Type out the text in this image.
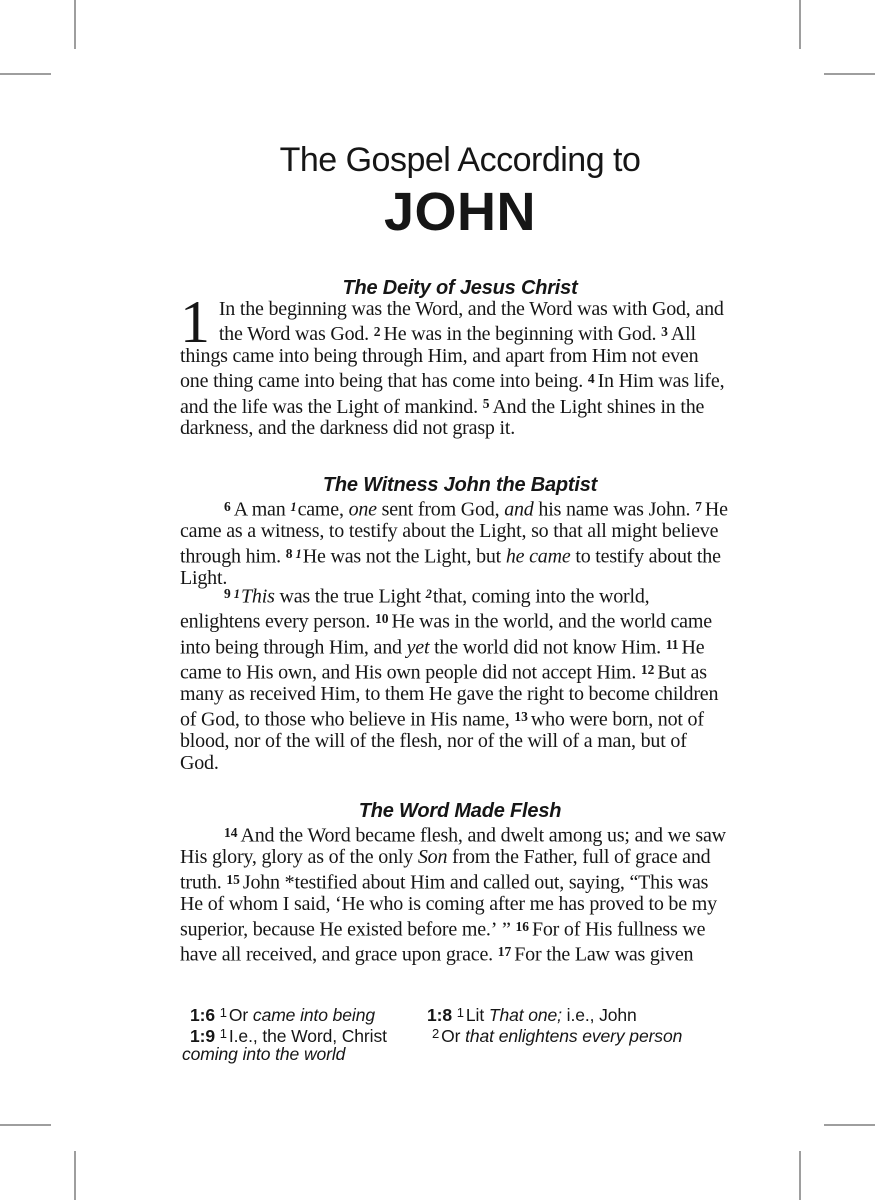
The Gospel According to
JOHN
The Deity of Jesus Christ
1 In the beginning was the Word, and the Word was with God, and the Word was God. $^2$ He was in the beginning with God. $^3$ All things came into being through Him, and apart from Him not even one thing came into being that has come into being. $^4$ In Him was life, and the life was the Light of mankind. $^5$ And the Light shines in the darkness, and the darkness did not grasp it.
The Witness John the Baptist
$^6$ A man $^1$came, one sent from God, and his name was John. $^7$ He came as a witness, to testify about the Light, so that all might believe through him. $^8$ $^1$He was not the Light, but he came to testify about the Light.
$^9$ $^1$This was the true Light $^2$that, coming into the world, enlightens every person. $^{10}$ He was in the world, and the world came into being through Him, and yet the world did not know Him. $^{11}$ He came to His own, and His own people did not accept Him. $^{12}$ But as many as received Him, to them He gave the right to become children of God, to those who believe in His name, $^{13}$ who were born, not of blood, nor of the will of the flesh, nor of the will of a man, but of God.
The Word Made Flesh
$^{14}$ And the Word became flesh, and dwelt among us; and we saw His glory, glory as of the only Son from the Father, full of grace and truth. $^{15}$ John *testified about Him and called out, saying, “This was He of whom I said, ‘He who is coming after me has proved to be my superior, because He existed before me.’ ” $^{16}$ For of His fullness we have all received, and grace upon grace. $^{17}$ For the Law was given
1:6 $^1$ Or came into being	1:8 $^1$ Lit That one; i.e., John
1:9 $^1$ I.e., the Word, Christ	$^2$ Or that enlightens every person
coming into the world
